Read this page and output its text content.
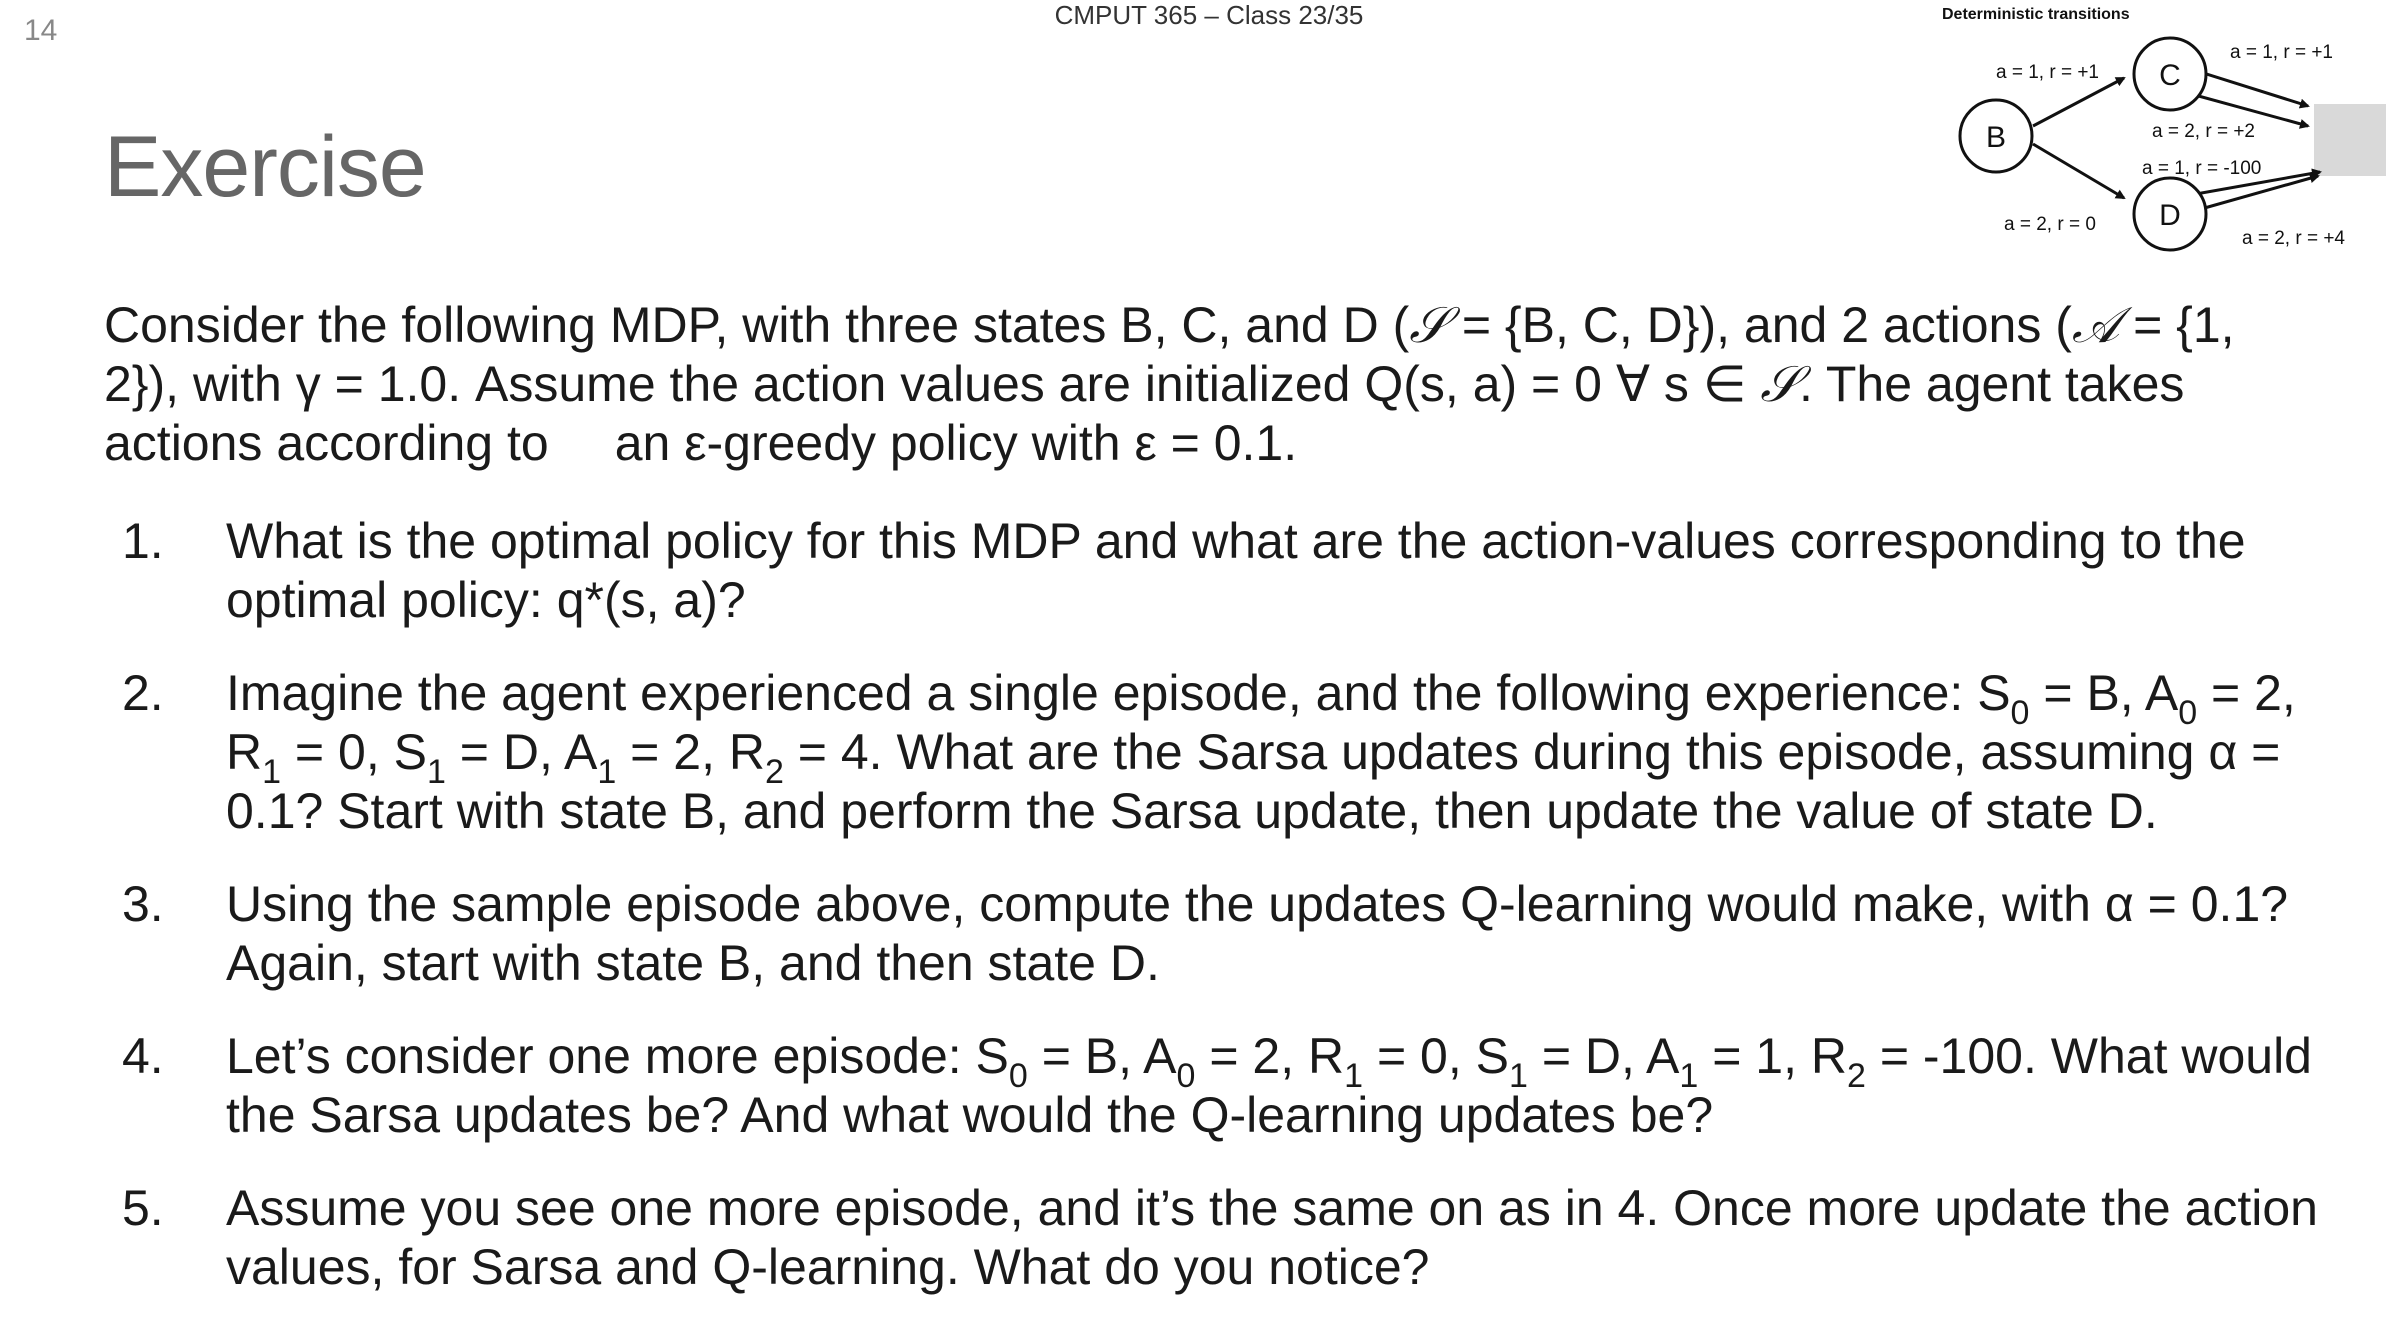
14	CMPUT 365 – Class 23/35
Exercise
Deterministic transitions
B
C
D
a = 1, r = +1
a = 2, r = 0
a = 1, r = +1
a = 2, r = +2
a = 1, r = -100
a = 2, r = +4
Consider the following MDP, with three states B, C, and D (𝒮 = {B, C, D}), and 2 actions (𝒜 = {1, 2}), with γ = 1.0. Assume the action values are initialized Q(s, a) = 0 ∀ s ∈ 𝒮. The agent takes actions according to an ε-greedy policy with ε = 0.1.
1. What is the optimal policy for this MDP and what are the action-values corresponding to the optimal policy: q*(s, a)?
2. Imagine the agent experienced a single episode, and the following experience: $S_0 = B$, $A_0 = 2$, $R_1 = 0$, $S_1 = D$, $A_1 = 2$, $R_2 = 4$. What are the Sarsa updates during this episode, assuming α = 0.1? Start with state B, and perform the Sarsa update, then update the value of state D.
3. Using the sample episode above, compute the updates Q-learning would make, with α = 0.1? Again, start with state B, and then state D.
4. Let’s consider one more episode: $S_0 = B$, $A_0 = 2$, $R_1 = 0$, $S_1 = D$, $A_1 = 1$, $R_2 = -100$. What would the Sarsa updates be? And what would the Q-learning updates be?
5. Assume you see one more episode, and it’s the same on as in 4. Once more update the action values, for Sarsa and Q-learning. What do you notice?
